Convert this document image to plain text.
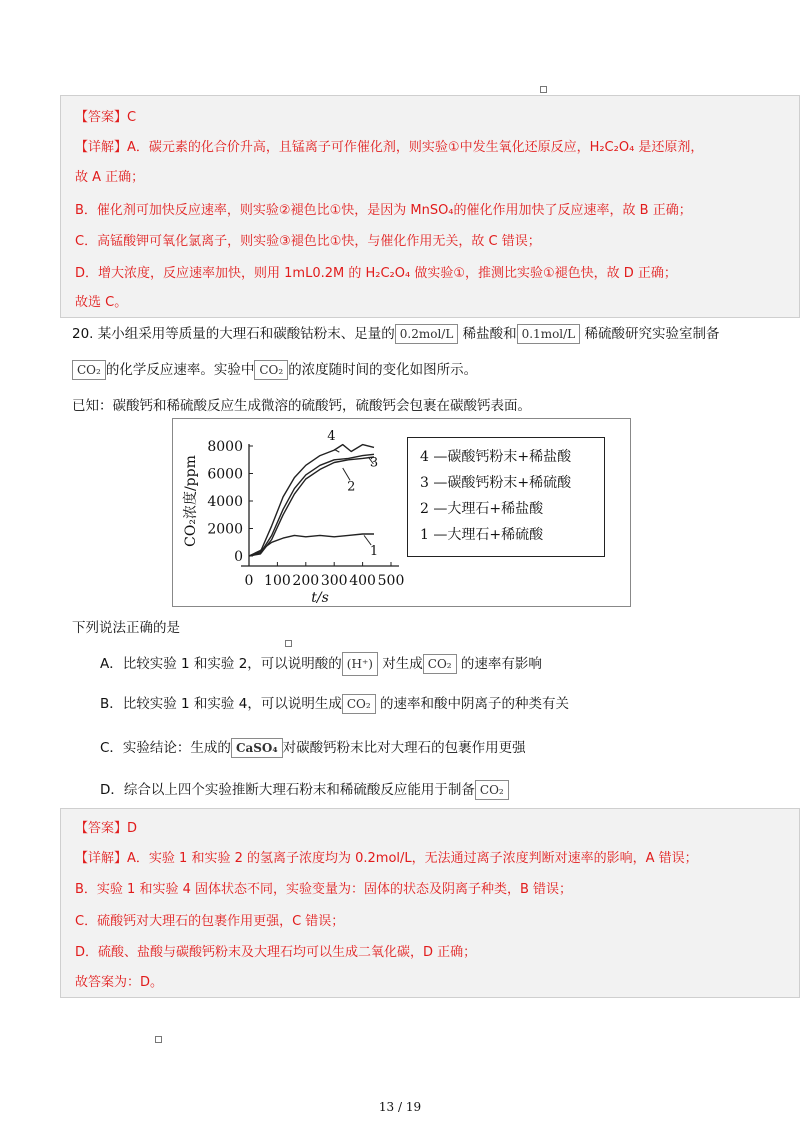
【答案】C
【详解】A．碳元素的化合价升高，且锰离子可作催化剂，则实验①中发生氧化还原反应，H₂C₂O₄ 是还原剂，
故 A 正确；
B．催化剂可加快反应速率，则实验②褪色比①快，是因为 MnSO₄的催化作用加快了反应速率，故 B 正确；
C．高锰酸钾可氧化氯离子，则实验③褪色比①快，与催化作用无关，故 C 错误；
D．增大浓度，反应速率加快，则用 1mL0.2M 的 H₂C₂O₄ 做实验①，推测比实验①褪色快，故 D 正确；
故选 C。
20. 某小组采用等质量的大理石和碳酸钴粉末、足量的 0.2mol/L 稀盐酸和 0.1mol/L 稀硫酸研究实验室制备
CO₂ 的化学反应速率。实验中 CO₂ 的浓度随时间的变化如图所示。
已知：碳酸钙和稀硫酸反应生成微溶的硫酸钙，硫酸钙会包裹在碳酸钙表面。
0
2000
4000
6000
8000
0 100 200 300 400 500
t/s
CO₂浓度/ppm
4
3
2
1
4 —碳酸钙粉末+稀盐酸
3 —碳酸钙粉末+稀硫酸
2 —大理石+稀盐酸
1 —大理石+稀硫酸
下列说法正确的是
A．比较实验 1 和实验 2，可以说明酸的 (H⁺) 对生成 CO₂ 的速率有影响
B．比较实验 1 和实验 4，可以说明生成 CO₂ 的速率和酸中阴离子的种类有关
C．实验结论：生成的 CaSO₄ 对碳酸钙粉末比对大理石的包裹作用更强
D．综合以上四个实验推断大理石粉末和稀硫酸反应能用于制备 CO₂
【答案】D
【详解】A．实验 1 和实验 2 的氢离子浓度均为 0.2mol/L，无法通过离子浓度判断对速率的影响，A 错误；
B．实验 1 和实验 4 固体状态不同，实验变量为：固体的状态及阴离子种类，B 错误；
C．硫酸钙对大理石的包裹作用更强，C 错误；
D．硫酸、盐酸与碳酸钙粉末及大理石均可以生成二氧化碳，D 正确；
故答案为：D。
13 / 19
